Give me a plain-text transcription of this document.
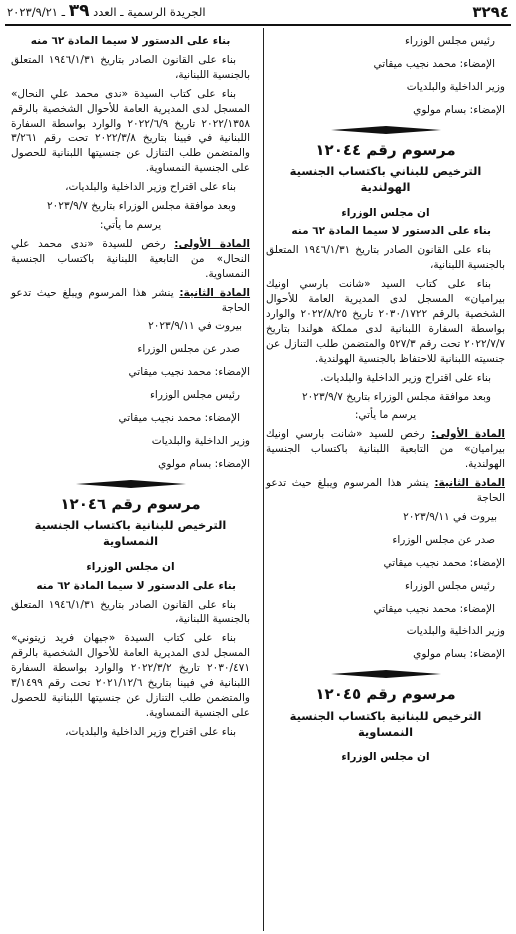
٣٢٩٤
الجريدة الرسمية ـ العدد ٣٩ ـ ٢٠٢٣/٩/٢١

رئيس مجلس الوزراء

الإمضاء: محمد نجيب ميقاتي

وزير الداخلية والبلديات

الإمضاء: بسام مولوي

مرسوم رقم ١٢٠٤٤
الترخيص للبناني باكتساب الجنسية الهولندية

ان مجلس الوزراء

بناء على الدستور لا سيما المادة ٦٢ منه

بناء على القانون الصادر بتاريخ ١٩٤٦/١/٣١ المتعلق بالجنسية اللبنانية،

بناء على كتاب السيد «شانت بارسي اونيك بيراميان» المسجل لدى المديرية العامة للأحوال الشخصية بالرقم ٢٠٣٠/١٧٢٢ تاريخ ٢٠٢٢/٨/٢٥ والوارد بواسطة السفارة اللبنانية لدى مملكة هولندا بتاريخ ٢٠٢٢/٧/٧ تحت رقم ٥٢٧/٣ والمتضمن طلب التنازل عن جنسيته اللبنانية للاحتفاظ بالجنسية الهولندية.

بناء على اقتراح وزير الداخلية والبلديات.

وبعد موافقة مجلس الوزراء بتاريخ ٢٠٢٣/٩/٧

يرسم ما يأتي:

المادة الأولى: رخص للسيد «شانت بارسي اونيك بيراميان» من التابعية اللبنانية باكتساب الجنسية الهولندية.

المادة الثانية: ينشر هذا المرسوم ويبلغ حيث تدعو الحاجة

بيروت في ٢٠٢٣/٩/١١

صدر عن مجلس الوزراء

الإمضاء: محمد نجيب ميقاتي

رئيس مجلس الوزراء

الإمضاء: محمد نجيب ميقاتي

وزير الداخلية والبلديات

الإمضاء: بسام مولوي

مرسوم رقم ١٢٠٤٥
الترخيص للبنانية باكتساب الجنسية النمساوية

ان مجلس الوزراء

بناء على الدستور لا سيما المادة ٦٢ منه

بناء على القانون الصادر بتاريخ ١٩٤٦/١/٣١ المتعلق بالجنسية اللبنانية،

بناء على كتاب السيدة «ندى محمد علي النحال» المسجل لدى المديرية العامة للأحوال الشخصية بالرقم ٢٠٢٢/١٣٥٨ تاريخ ٢٠٢٢/٦/٩ والوارد بواسطة السفارة اللبنانية في فيينا بتاريخ ٢٠٢٢/٣/٨ تحت رقم ٣/٢٦١ والمتضمن طلب التنازل عن جنسيتها اللبنانية للحصول على الجنسية النمساوية.

بناء على اقتراح وزير الداخلية والبلديات،

وبعد موافقة مجلس الوزراء بتاريخ ٢٠٢٣/٩/٧

يرسم ما يأتي:

المادة الأولى: رخص للسيدة «ندى محمد علي النحال» من التابعية اللبنانية باكتساب الجنسية النمساوية.

المادة الثانية: ينشر هذا المرسوم ويبلغ حيث تدعو الحاجة

بيروت في ٢٠٢٣/٩/١١

صدر عن مجلس الوزراء

الإمضاء: محمد نجيب ميقاتي

رئيس مجلس الوزراء

الإمضاء: محمد نجيب ميقاتي

وزير الداخلية والبلديات

الإمضاء: بسام مولوي

مرسوم رقم ١٢٠٤٦
الترخيص للبنانية باكتساب الجنسية النمساوية

ان مجلس الوزراء

بناء على الدستور لا سيما المادة ٦٢ منه

بناء على القانون الصادر بتاريخ ١٩٤٦/١/٣١ المتعلق بالجنسية اللبنانية،

بناء على كتاب السيدة «جيهان فريد زيتوني» المسجل لدى المديرية العامة للأحوال الشخصية بالرقم ٢٠٣٠/٤٧١ تاريخ ٢٠٢٢/٣/٢ والوارد بواسطة السفارة اللبنانية في فيينا بتاريخ ٢٠٢١/١٢/٦ تحت رقم ٣/١٤٩٩ والمتضمن طلب التنازل عن جنسيتها اللبنانية للحصول على الجنسية النمساوية.

بناء على اقتراح وزير الداخلية والبلديات،
